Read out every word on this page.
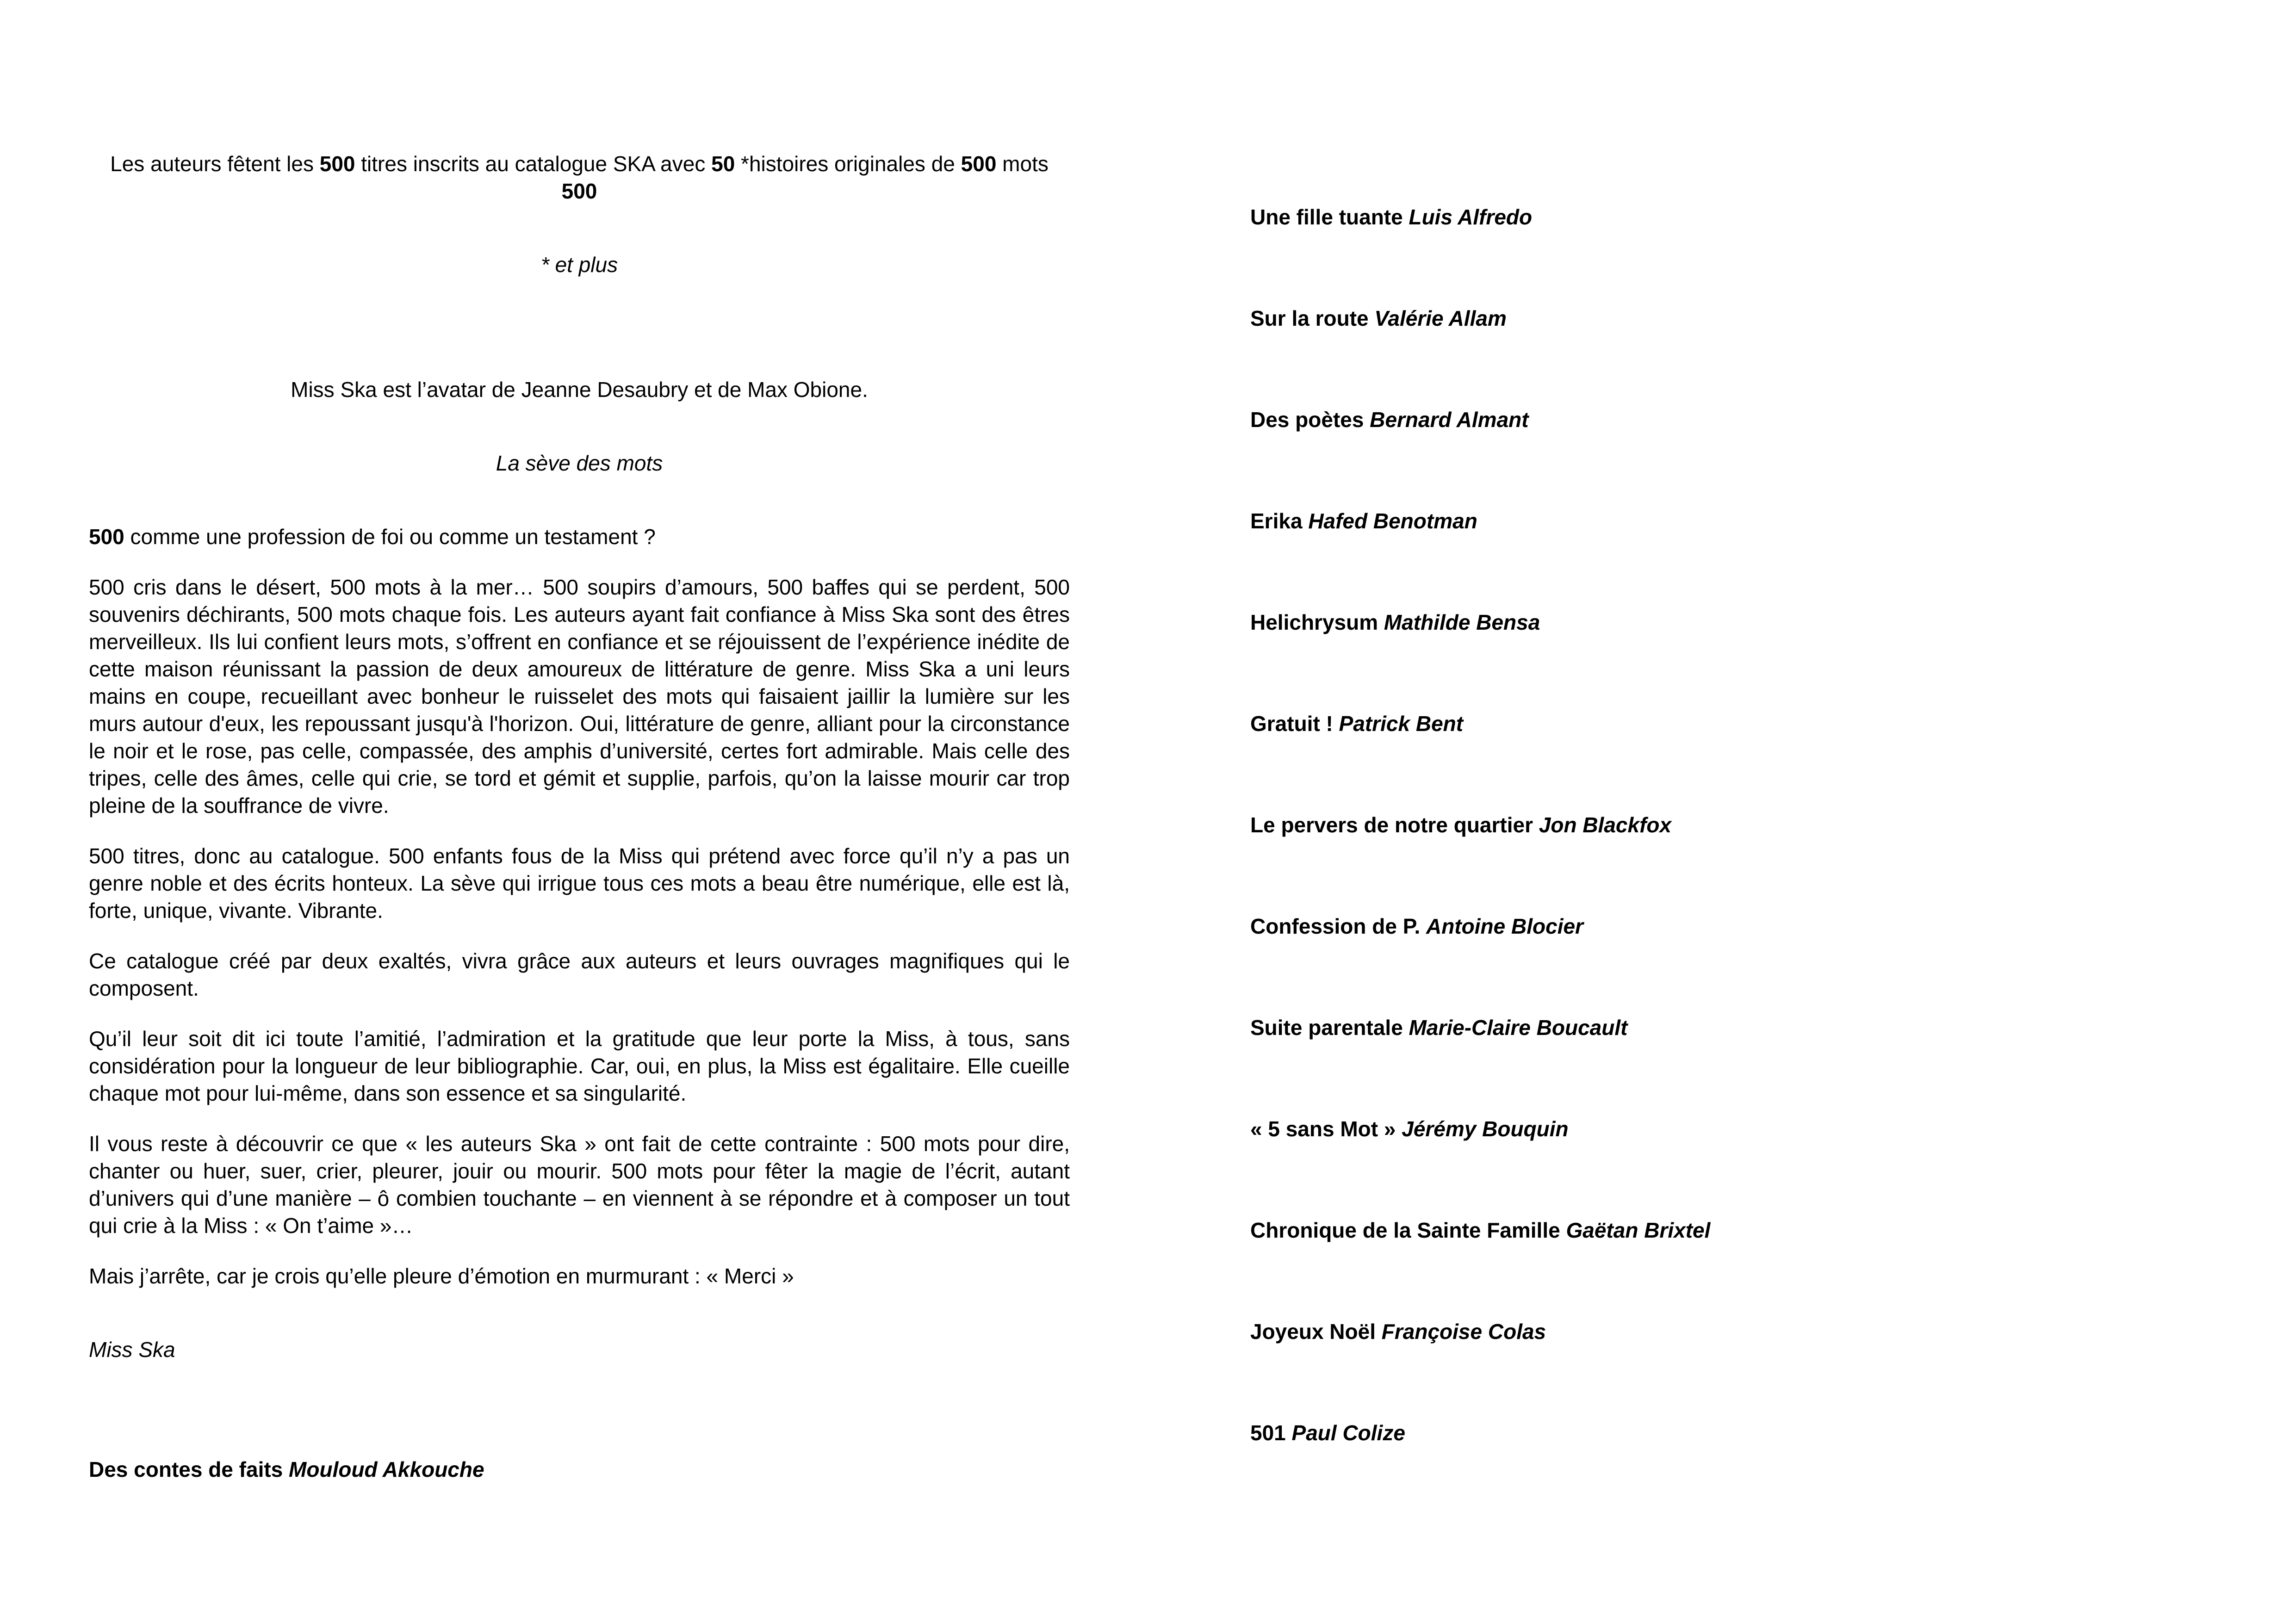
Les auteurs fêtent les 500 titres inscrits au catalogue SKA avec 50 *histoires originales de 500 mots

500

* et plus

Miss Ska est l’avatar de Jeanne Desaubry et de Max Obione.

La sève des mots

500 comme une profession de foi ou comme un testament ?

500 cris dans le désert, 500 mots à la mer… 500 soupirs d’amours, 500 baffes qui se perdent, 500 souvenirs déchirants, 500 mots chaque fois. Les auteurs ayant fait confiance à Miss Ska sont des êtres merveilleux. Ils lui confient leurs mots, s’offrent en confiance et se réjouissent de l’expérience inédite de cette maison réunissant la passion de deux amoureux de littérature de genre. Miss Ska a uni leurs mains en coupe, recueillant avec bonheur le ruisselet des mots qui faisaient jaillir la lumière sur les murs autour d'eux, les repoussant jusqu'à l'horizon. Oui, littérature de genre, alliant pour la circonstance le noir et le rose, pas celle, compassée, des amphis d’université, certes fort admirable. Mais celle des tripes, celle des âmes, celle qui crie, se tord et gémit et supplie, parfois, qu’on la laisse mourir car trop pleine de la souffrance de vivre.

500 titres, donc au catalogue. 500 enfants fous de la Miss qui prétend avec force qu’il n’y a pas un genre noble et des écrits honteux. La sève qui irrigue tous ces mots a beau être numérique, elle est là, forte, unique, vivante. Vibrante.

Ce catalogue créé par deux exaltés, vivra grâce aux auteurs et leurs ouvrages magnifiques qui le composent.

Qu’il leur soit dit ici toute l’amitié, l’admiration et la gratitude que leur porte la Miss, à tous, sans considération pour la longueur de leur bibliographie. Car, oui, en plus, la Miss est égalitaire. Elle cueille chaque mot pour lui-même, dans son essence et sa singularité.

Il vous reste à découvrir ce que « les auteurs Ska » ont fait de cette contrainte : 500 mots pour dire, chanter ou huer, suer, crier, pleurer, jouir ou mourir. 500 mots pour fêter la magie de l’écrit, autant d’univers qui d’une manière – ô combien touchante – en viennent à se répondre et à composer un tout qui crie à la Miss : « On t’aime »…

Mais j’arrête, car je crois qu’elle pleure d’émotion en murmurant : « Merci »

Miss Ska

Des contes de faits Mouloud Akkouche

Une fille tuante Luis Alfredo

Sur la route Valérie Allam

Des poètes Bernard Almant

Erika Hafed Benotman

Helichrysum Mathilde Bensa

Gratuit ! Patrick Bent

Le pervers de notre quartier Jon Blackfox

Confession de P. Antoine Blocier

Suite parentale Marie-Claire Boucault

« 5 sans Mot » Jérémy Bouquin

Chronique de la Sainte Famille Gaëtan Brixtel

Joyeux Noël Françoise Colas

501 Paul Colize
